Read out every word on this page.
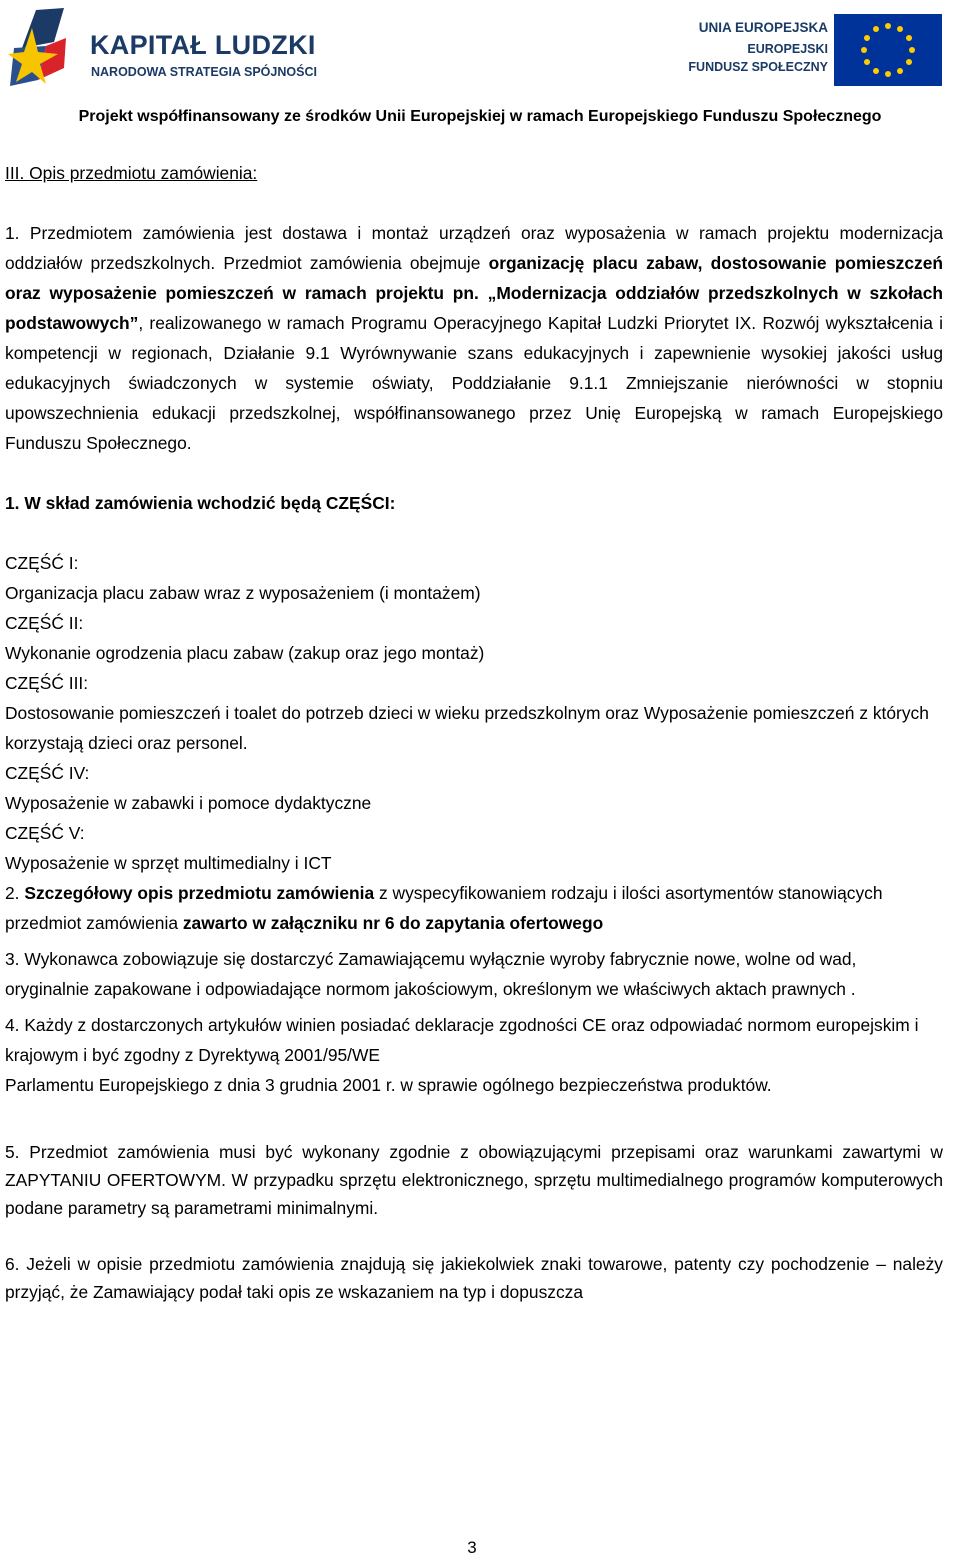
KAPITAŁ LUDZKI
NARODOWA STRATEGIA SPÓJNOŚCI
UNIA EUROPEJSKA
EUROPEJSKI
FUNDUSZ SPOŁECZNY
Projekt współfinansowany ze środków Unii Europejskiej w ramach Europejskiego Funduszu Społecznego

III. Opis przedmiotu zamówienia:

1. Przedmiotem zamówienia jest dostawa i montaż urządzeń oraz wyposażenia w ramach projektu modernizacja oddziałów przedszkolnych. Przedmiot zamówienia obejmuje organizację placu zabaw, dostosowanie pomieszczeń oraz wyposażenie pomieszczeń w ramach projektu pn. „Modernizacja oddziałów przedszkolnych w szkołach podstawowych”, realizowanego w ramach Programu Operacyjnego Kapitał Ludzki Priorytet IX. Rozwój wykształcenia i kompetencji w regionach, Działanie 9.1 Wyrównywanie szans edukacyjnych i zapewnienie wysokiej jakości usług edukacyjnych świadczonych w systemie oświaty, Poddziałanie 9.1.1 Zmniejszanie nierówności w stopniu upowszechnienia edukacji przedszkolnej, współfinansowanego przez Unię Europejską w ramach Europejskiego Funduszu Społecznego.

1. W skład zamówienia wchodzić będą CZĘŚCI:

CZĘŚĆ I:

Organizacja placu zabaw wraz z wyposażeniem (i montażem)

CZĘŚĆ II:

Wykonanie ogrodzenia placu zabaw (zakup oraz jego montaż)

CZĘŚĆ III:

Dostosowanie pomieszczeń i toalet do potrzeb dzieci w wieku przedszkolnym oraz Wyposażenie pomieszczeń z których korzystają dzieci oraz personel.

CZĘŚĆ IV:

Wyposażenie w zabawki i pomoce dydaktyczne

CZĘŚĆ V:

Wyposażenie w sprzęt multimedialny i ICT

2. Szczegółowy opis przedmiotu zamówienia z wyspecyfikowaniem rodzaju i ilości asortymentów stanowiących przedmiot zamówienia zawarto w załączniku nr 6 do zapytania ofertowego

3. Wykonawca zobowiązuje się dostarczyć Zamawiającemu wyłącznie wyroby fabrycznie nowe, wolne od wad, oryginalnie zapakowane i odpowiadające normom jakościowym, określonym we właściwych aktach prawnych .

4. Każdy z dostarczonych artykułów winien posiadać deklaracje zgodności CE oraz odpowiadać normom europejskim i krajowym i być zgodny z Dyrektywą 2001/95/WE

Parlamentu Europejskiego z dnia 3 grudnia 2001 r. w sprawie ogólnego bezpieczeństwa produktów.

5. Przedmiot zamówienia musi być wykonany zgodnie z obowiązującymi przepisami oraz warunkami zawartymi w ZAPYTANIU OFERTOWYM. W przypadku sprzętu elektronicznego, sprzętu multimedialnego programów komputerowych podane parametry są parametrami minimalnymi.

6. Jeżeli w opisie przedmiotu zamówienia znajdują się jakiekolwiek znaki towarowe, patenty czy pochodzenie – należy przyjąć, że Zamawiający podał taki opis ze wskazaniem na typ i dopuszcza

3
